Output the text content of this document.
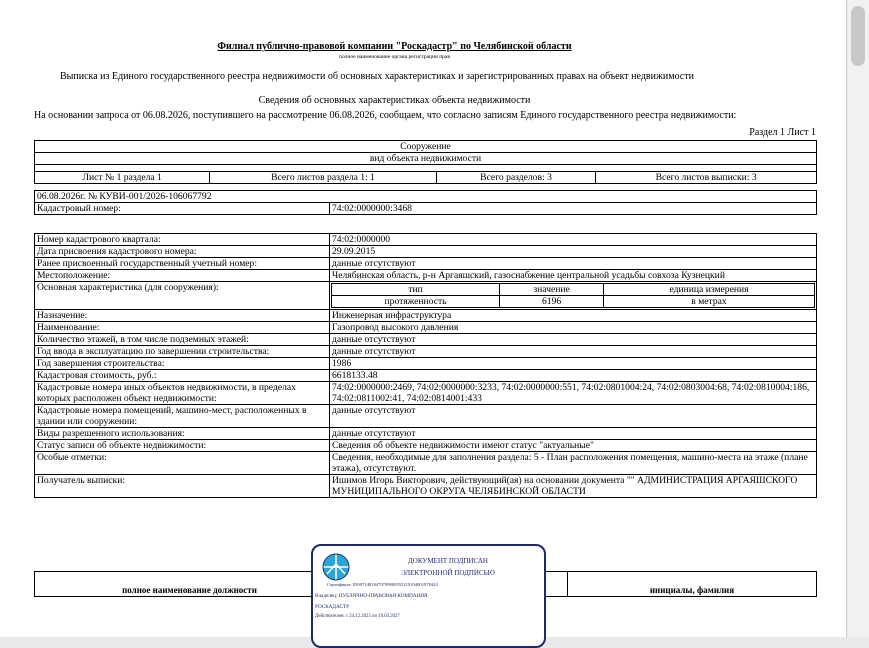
Филиал публично-правовой компании "Роскадастр" по Челябинской области
полное наименование органа регистрации прав
Выписка из Единого государственного реестра недвижимости об основных характеристиках и зарегистрированных правах на объект недвижимости
Сведения об основных характеристиках объекта недвижимости
На основании запроса от 06.08.2026, поступившего на рассмотрение 06.08.2026, сообщаем, что согласно записям Единого государственного реестра недвижимости:
Раздел 1 Лист 1
Сооружение
вид объекта недвижимости

Лист № 1 раздела 1	Всего листов раздела 1: 1	Всего разделов: 3	Всего листов выписки: 3
06.08.2026г. № КУВИ-001/2026-106067792
Кадастровый номер:	74:02:0000000:3468
Номер кадастрового квартала:	74:02:0000000
Дата присвоения кадастрового номера:	29.09.2015
Ранее присвоенный государственный учетный номер:	данные отсутствуют
Местоположение:	Челябинская область, р-н Аргаяшский, газоснабжение центральной усадьбы совхоза Кузнецкий
Основная характеристика (для сооружения):		тип	значение	единица измерения
протяженность	6196	в метрах

Назначение:	Инженерная инфраструктура
Наименование:	Газопровод высокого давления
Количество этажей, в том числе подземных этажей:	данные отсутствуют
Год ввода в эксплуатацию по завершении строительства:	данные отсутствуют
Год завершения строительства:	1986
Кадастровая стоимость, руб.:	6618133.48
Кадастровые номера иных объектов недвижимости, в пределах которых расположен объект недвижимости:	74:02:0000000:2469, 74:02:0000000:3233, 74:02:0000000:551, 74:02:0801004:24, 74:02:0803004:68, 74:02:0810004:186, 74:02:0811002:41, 74:02:0814001:433
Кадастровые номера помещений, машино-мест, расположенных в здании или сооружении:	данные отсутствуют
Виды разрешенного использования:	данные отсутствуют
Статус записи об объекте недвижимости:	Сведения об объекте недвижимости имеют статус "актуальные"
Особые отметки:	Сведения, необходимые для заполнения раздела: 5 - План расположения помещения, машино-места на этаже (плане этажа), отсутствуют.
Получатель выписки:	Ишимов Игорь Викторович, действующий(ая) на основании документа "" АДМИНИСТРАЦИЯ АРГАЯШСКОГО МУНИЦИПАЛЬНОГО ОКРУГА ЧЕЛЯБИНСКОЙ ОБЛАСТИ
полное наименование должности		инициалы, фамилия
ДОКУМЕНТ ПОДПИСАН
ЭЛЕКТРОННОЙ ПОДПИСЬЮ
Сертификат: 8399714818479799800555219104001978443
Владелец: ПУБЛИЧНО-ПРАВОВАЯ КОМПАНИЯ
РОСКАДАСТР
Действителен: с 24.12.2025 по 19.03.2027
